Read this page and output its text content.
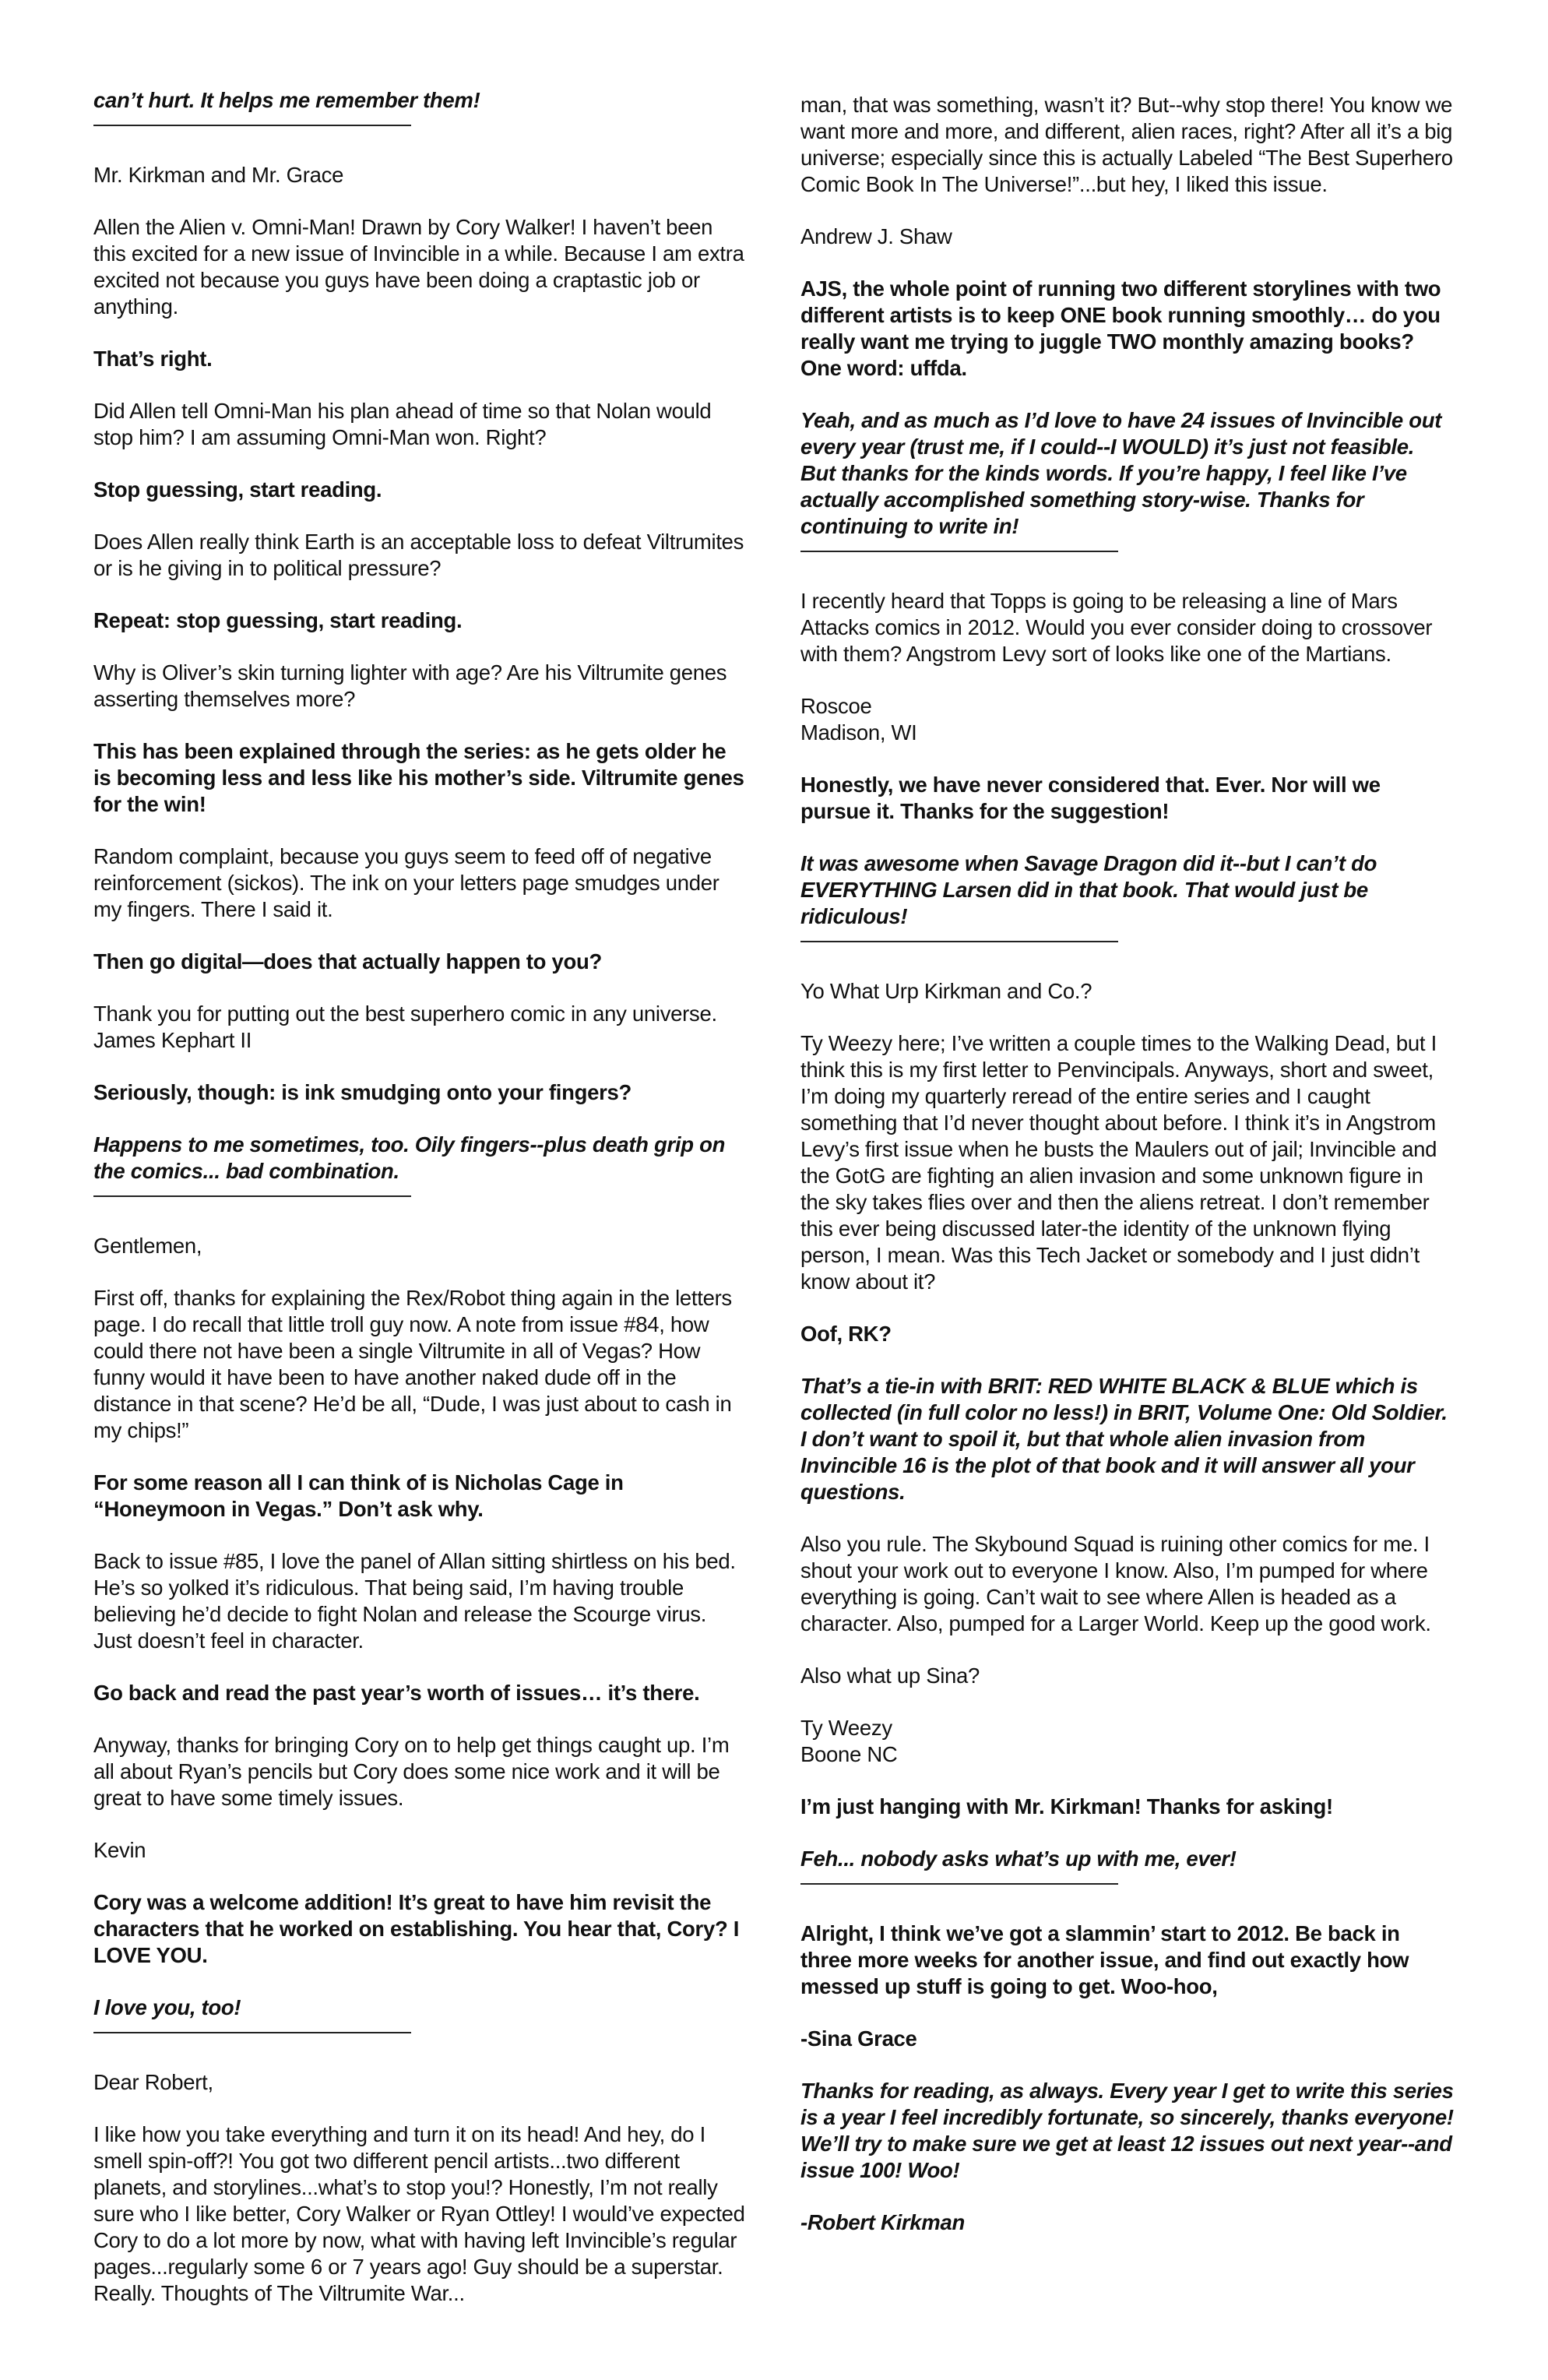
can’t hurt. It helps me remember them!

Mr. Kirkman and Mr. Grace

Allen the Alien v. Omni-Man! Drawn by Cory Walker! I haven’t been this excited for a new issue of Invincible in a while. Because I am extra excited not because you guys have been doing a craptastic job or anything.

That’s right.

Did Allen tell Omni-Man his plan ahead of time so that Nolan would stop him? I am assuming Omni-Man won. Right?

Stop guessing, start reading.

Does Allen really think Earth is an acceptable loss to defeat Viltrumites or is he giving in to political pressure?

Repeat: stop guessing, start reading.

Why is Oliver’s skin turning lighter with age? Are his Viltrumite genes asserting themselves more?

This has been explained through the series: as he gets older he is becoming less and less like his mother’s side. Viltrumite genes for the win!

Random complaint, because you guys seem to feed off of negative reinforcement (sickos). The ink on your letters page smudges under my fingers. There I said it.

Then go digital—does that actually happen to you?

Thank you for putting out the best superhero comic in any universe.
James Kephart II

Seriously, though: is ink smudging onto your fingers?

Happens to me sometimes, too. Oily fingers--plus death grip on the comics... bad combination.

Gentlemen,

First off, thanks for explaining the Rex/Robot thing again in the letters page. I do recall that little troll guy now. A note from issue #84, how could there not have been a single Viltrumite in all of Vegas? How funny would it have been to have another naked dude off in the distance in that scene? He’d be all, “Dude, I was just about to cash in my chips!”

For some reason all I can think of is Nicholas Cage in “Honeymoon in Vegas.” Don’t ask why.

Back to issue #85, I love the panel of Allan sitting shirtless on his bed. He’s so yolked it’s ridiculous. That being said, I’m having trouble believing he’d decide to fight Nolan and release the Scourge virus. Just doesn’t feel in character.

Go back and read the past year’s worth of issues… it’s there.

Anyway, thanks for bringing Cory on to help get things caught up. I’m all about Ryan’s pencils but Cory does some nice work and it will be great to have some timely issues.

Kevin

Cory was a welcome addition! It’s great to have him revisit the characters that he worked on establishing. You hear that, Cory? I LOVE YOU.

I love you, too!

Dear Robert,

I like how you take everything and turn it on its head! And hey, do I smell spin-off?! You got two different pencil artists...two different planets, and storylines...what’s to stop you!? Honestly, I’m not really sure who I like better, Cory Walker or Ryan Ottley! I would’ve expected Cory to do a lot more by now, what with having left Invincible’s regular pages...regularly some 6 or 7 years ago! Guy should be a superstar. Really. Thoughts of The Viltrumite War...

man, that was something, wasn’t it? But--why stop there! You know we want more and more, and different, alien races, right? After all it’s a big universe; especially since this is actually Labeled “The Best Superhero Comic Book In The Universe!”...but hey, I liked this issue.

Andrew J. Shaw

AJS, the whole point of running two different storylines with two different artists is to keep ONE book running smoothly… do you really want me trying to juggle TWO monthly amazing books? One word: uffda.

Yeah, and as much as I’d love to have 24 issues of Invincible out every year (trust me, if I could--I WOULD) it’s just not feasible. But thanks for the kinds words. If you’re happy, I feel like I’ve actually accomplished something story-wise. Thanks for continuing to write in!

I recently heard that Topps is going to be releasing a line of Mars Attacks comics in 2012. Would you ever consider doing to crossover with them? Angstrom Levy sort of looks like one of the Martians.

Roscoe
Madison, WI

Honestly, we have never considered that. Ever. Nor will we pursue it. Thanks for the suggestion!

It was awesome when Savage Dragon did it--but I can’t do EVERYTHING Larsen did in that book. That would just be ridiculous!

Yo What Urp Kirkman and Co.?

Ty Weezy here; I’ve written a couple times to the Walking Dead, but I think this is my first letter to Penvincipals. Anyways, short and sweet, I’m doing my quarterly reread of the entire series and I caught something that I’d never thought about before. I think it’s in Angstrom Levy’s first issue when he busts the Maulers out of jail; Invincible and the GotG are fighting an alien invasion and some unknown figure in the sky takes flies over and then the aliens retreat. I don’t remember this ever being discussed later-the identity of the unknown flying person, I mean. Was this Tech Jacket or somebody and I just didn’t know about it?

Oof, RK?

That’s a tie-in with BRIT: RED WHITE BLACK & BLUE which is collected (in full color no less!) in BRIT, Volume One: Old Soldier. I don’t want to spoil it, but that whole alien invasion from Invincible 16 is the plot of that book and it will answer all your questions.

Also you rule. The Skybound Squad is ruining other comics for me. I shout your work out to everyone I know. Also, I’m pumped for where everything is going. Can’t wait to see where Allen is headed as a character. Also, pumped for a Larger World. Keep up the good work.

Also what up Sina?

Ty Weezy
Boone NC

I’m just hanging with Mr. Kirkman! Thanks for asking!

Feh... nobody asks what’s up with me, ever!

Alright, I think we’ve got a slammin’ start to 2012. Be back in three more weeks for another issue, and find out exactly how messed up stuff is going to get. Woo-hoo,

-Sina Grace

Thanks for reading, as always. Every year I get to write this series is a year I feel incredibly fortunate, so sincerely, thanks everyone! We’ll try to make sure we get at least 12 issues out next year--and issue 100! Woo!

-Robert Kirkman
